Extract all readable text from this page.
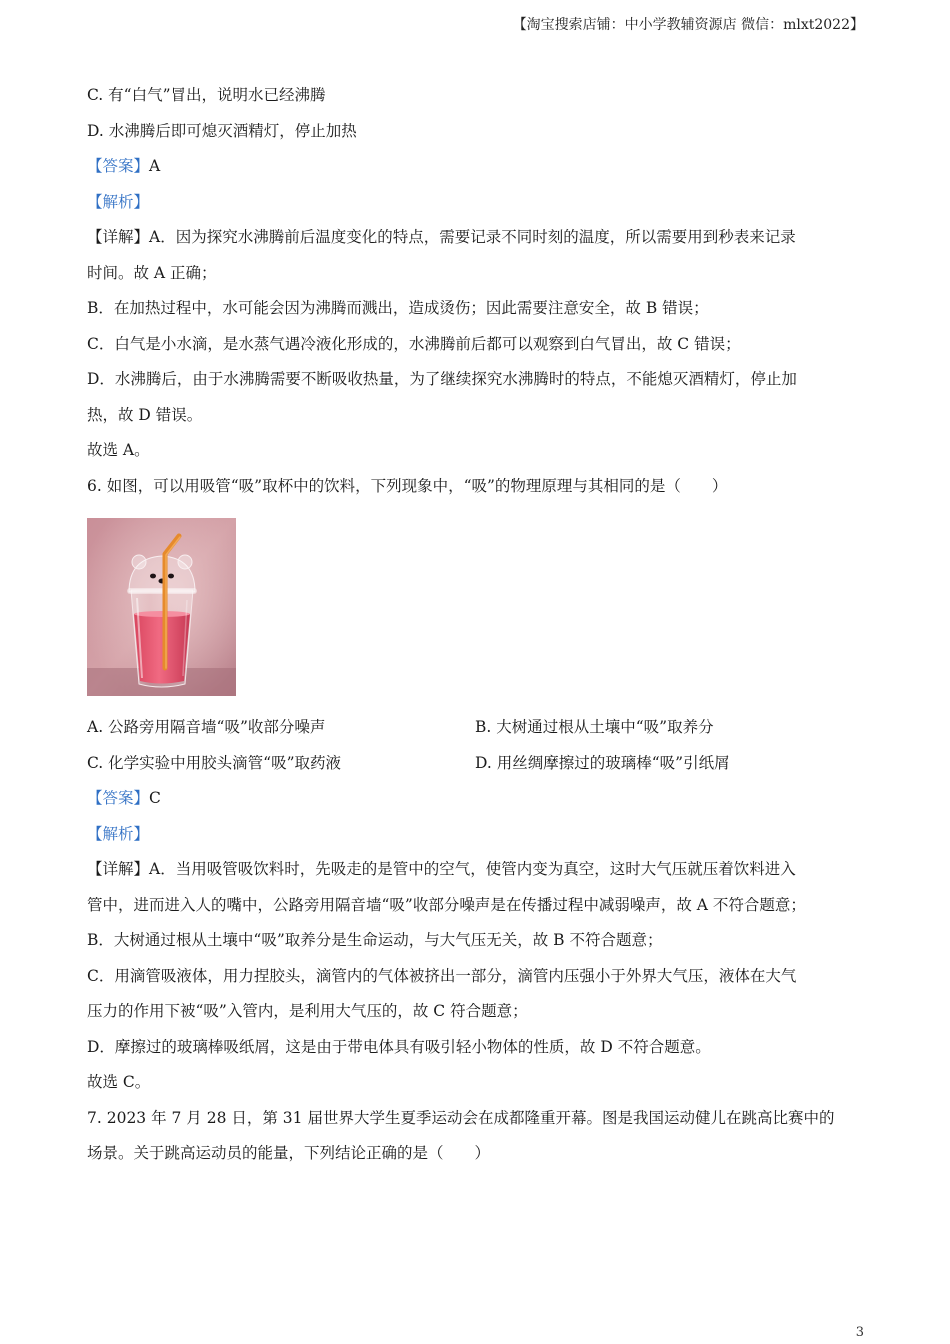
【淘宝搜索店铺：中小学教辅资源店 微信：mlxt2022】
C. 有“白气”冒出，说明水已经沸腾
D. 水沸腾后即可熄灭酒精灯，停止加热
【答案】A
【解析】
【详解】A．因为探究水沸腾前后温度变化的特点，需要记录不同时刻的温度，所以需要用到秒表来记录
时间。故 A 正确；
B．在加热过程中，水可能会因为沸腾而溅出，造成烫伤；因此需要注意安全，故 B 错误；
C．白气是小水滴，是水蒸气遇冷液化形成的，水沸腾前后都可以观察到白气冒出，故 C 错误；
D．水沸腾后，由于水沸腾需要不断吸收热量，为了继续探究水沸腾时的特点，不能熄灭酒精灯，停止加
热，故 D 错误。
故选 A。
6. 如图，可以用吸管“吸”取杯中的饮料，下列现象中，“吸”的物理原理与其相同的是（　　）
A. 公路旁用隔音墙“吸”收部分噪声	B. 大树通过根从土壤中“吸”取养分
C. 化学实验中用胶头滴管“吸”取药液	D. 用丝绸摩擦过的玻璃棒“吸”引纸屑
【答案】C
【解析】
【详解】A．当用吸管吸饮料时，先吸走的是管中的空气，使管内变为真空，这时大气压就压着饮料进入
管中，进而进入人的嘴中，公路旁用隔音墙“吸”收部分噪声是在传播过程中减弱噪声，故 A 不符合题意；
B．大树通过根从土壤中“吸”取养分是生命运动，与大气压无关，故 B 不符合题意；
C．用滴管吸液体，用力捏胶头，滴管内的气体被挤出一部分，滴管内压强小于外界大气压，液体在大气
压力的作用下被“吸”入管内，是利用大气压的，故 C 符合题意；
D．摩擦过的玻璃棒吸纸屑，这是由于带电体具有吸引轻小物体的性质，故 D 不符合题意。
故选 C。
7. 2023 年 7 月 28 日，第 31 届世界大学生夏季运动会在成都隆重开幕。图是我国运动健儿在跳高比赛中的
场景。关于跳高运动员的能量，下列结论正确的是（　　）
3
